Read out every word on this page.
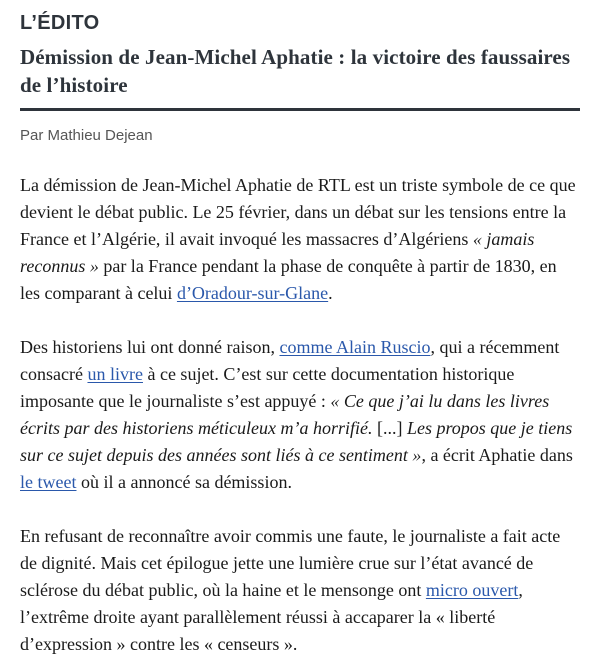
L’ÉDITO
Démission de Jean-Michel Aphatie : la victoire des faussaires de l’histoire
Par Mathieu Dejean

La démission de Jean-Michel Aphatie de RTL est un triste symbole de ce que devient le débat public. Le 25 février, dans un débat sur les tensions entre la France et l’Algérie, il avait invoqué les massacres d’Algériens « jamais reconnus » par la France pendant la phase de conquête à partir de 1830, en les comparant à celui d’Oradour-sur-Glane.

Des historiens lui ont donné raison, comme Alain Ruscio, qui a récemment consacré un livre à ce sujet. C’est sur cette documentation historique imposante que le journaliste s’est appuyé : « Ce que j’ai lu dans les livres écrits par des historiens méticuleux m’a horrifié. [...] Les propos que je tiens sur ce sujet depuis des années sont liés à ce sentiment », a écrit Aphatie dans le tweet où il a annoncé sa démission.

En refusant de reconnaître avoir commis une faute, le journaliste a fait acte de dignité. Mais cet épilogue jette une lumière crue sur l’état avancé de sclérose du débat public, où la haine et le mensonge ont micro ouvert, l’extrême droite ayant parallèlement réussi à accaparer la « liberté d’expression » contre les « censeurs ».
